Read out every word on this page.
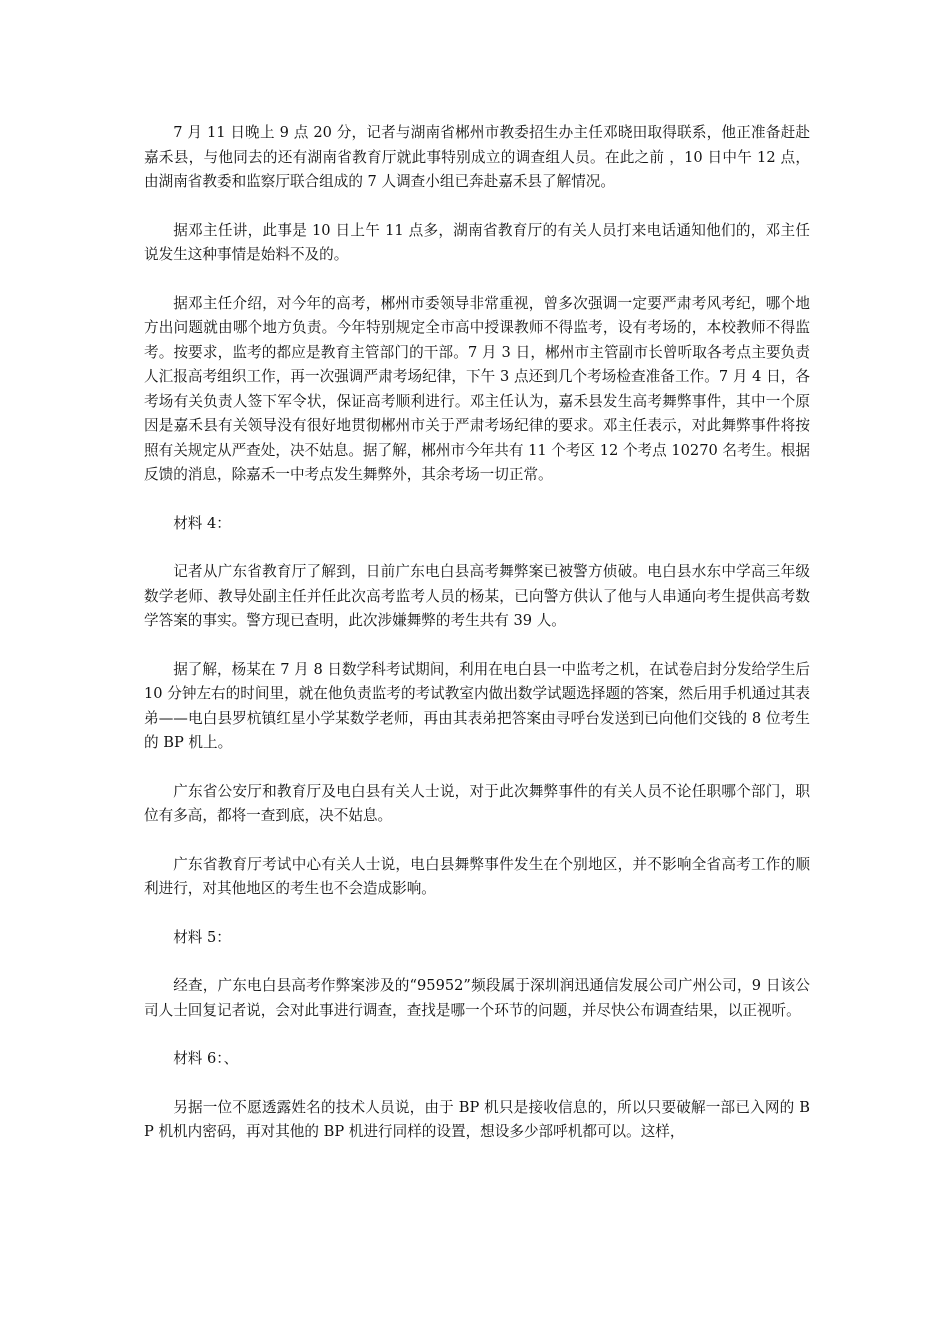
7 月 11 日晚上 9 点 20 分，记者与湖南省郴州市教委招生办主任邓晓田取得联系，他正准备赶赴嘉禾县，与他同去的还有湖南省教育厅就此事特别成立的调查组人员。在此之前 ，10 日中午 12 点，由湖南省教委和监察厅联合组成的 7 人调查小组已奔赴嘉禾县了解情况。

据邓主任讲，此事是 10 日上午 11 点多，湖南省教育厅的有关人员打来电话通知他们的，邓主任说发生这种事情是始料不及的。

据邓主任介绍，对今年的高考，郴州市委领导非常重视，曾多次强调一定要严肃考风考纪，哪个地方出问题就由哪个地方负责。今年特别规定全市高中授课教师不得监考，设有考场的，本校教师不得监考。按要求，监考的都应是教育主管部门的干部。7 月 3 日，郴州市主管副市长曾听取各考点主要负责人汇报高考组织工作，再一次强调严肃考场纪律，下午 3 点还到几个考场检查准备工作。7 月 4 日，各考场有关负责人签下军令状，保证高考顺利进行。邓主任认为，嘉禾县发生高考舞弊事件，其中一个原因是嘉禾县有关领导没有很好地贯彻郴州市关于严肃考场纪律的要求。邓主任表示，对此舞弊事件将按照有关规定从严查处，决不姑息。据了解，郴州市今年共有 11 个考区 12 个考点 10270 名考生。根据反馈的消息，除嘉禾一中考点发生舞弊外，其余考场一切正常。

材料 4：

记者从广东省教育厅了解到，日前广东电白县高考舞弊案已被警方侦破。电白县水东中学高三年级数学老师、教导处副主任并任此次高考监考人员的杨某，已向警方供认了他与人串通向考生提供高考数学答案的事实。警方现已查明，此次涉嫌舞弊的考生共有 39 人。

据了解，杨某在 7 月 8 日数学科考试期间，利用在电白县一中监考之机，在试卷启封分发给学生后 10 分钟左右的时间里，就在他负责监考的考试教室内做出数学试题选择题的答案，然后用手机通过其表弟——电白县罗杭镇红星小学某数学老师，再由其表弟把答案由寻呼台发送到已向他们交钱的 8 位考生的 BP 机上。

广东省公安厅和教育厅及电白县有关人士说，对于此次舞弊事件的有关人员不论任职哪个部门，职位有多高，都将一查到底，决不姑息。

广东省教育厅考试中心有关人士说，电白县舞弊事件发生在个别地区，并不影响全省高考工作的顺利进行，对其他地区的考生也不会造成影响。

材料 5：

经查，广东电白县高考作弊案涉及的“95952”频段属于深圳润迅通信发展公司广州公司，9 日该公司人士回复记者说，会对此事进行调查，查找是哪一个环节的问题，并尽快公布调查结果，以正视听。

材料 6：、

另据一位不愿透露姓名的技术人员说，由于 BP 机只是接收信息的，所以只要破解一部已入网的 BP 机机内密码，再对其他的 BP 机进行同样的设置，想设多少部呼机都可以。这样，
